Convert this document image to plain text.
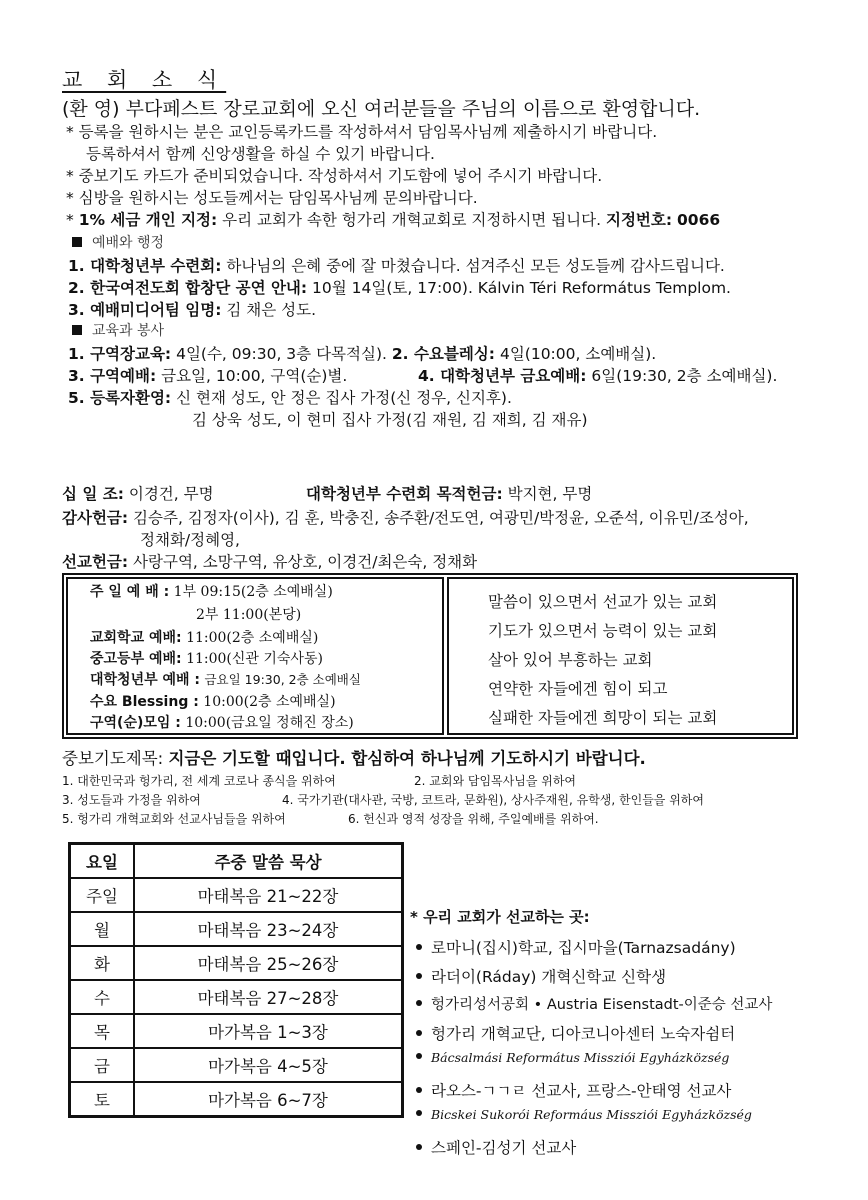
교 회 소 식
(환 영) 부다페스트 장로교회에 오신 여러분들을 주님의 이름으로 환영합니다.
* 등록을 원하시는 분은 교인등록카드를 작성하셔서 담임목사님께 제출하시기 바랍니다.
등록하셔서 함께 신앙생활을 하실 수 있기 바랍니다.
* 중보기도 카드가 준비되었습니다. 작성하셔서 기도함에 넣어 주시기 바랍니다.
* 심방을 원하시는 성도들께서는 담임목사님께 문의바랍니다.
* 1% 세금 개인 지정: 우리 교회가 속한 헝가리 개혁교회로 지정하시면 됩니다. 지정번호: 0066
예배와 행정
1. 대학청년부 수련회: 하나님의 은혜 중에 잘 마쳤습니다. 섬겨주신 모든 성도들께 감사드립니다.
2. 한국여전도회 합창단 공연 안내: 10월 14일(토, 17:00). Kálvin Téri Református Templom.
3. 예배미디어팀 임명: 김 채은 성도.
교육과 봉사
1. 구역장교육: 4일(수, 09:30, 3층 다목적실). 2. 수요블레싱: 4일(10:00, 소예배실).
3. 구역예배: 금요일, 10:00, 구역(순)별.	4. 대학청년부 금요예배: 6일(19:30, 2층 소예배실).
5. 등록자환영: 신 현재 성도, 안 정은 집사 가정(신 정우, 신지후).
김 상욱 성도, 이 현미 집사 가정(김 재원, 김 재희, 김 재유)
십 일 조: 이경건, 무명	대학청년부 수련회 목적헌금: 박지현, 무명
감사헌금: 김승주, 김정자(이사), 김 훈, 박충진, 송주환/전도연, 여광민/박정윤, 오준석, 이유민/조성아,
정채화/정혜영,
선교헌금: 사랑구역, 소망구역, 유상호, 이경건/최은숙, 정채화
주 일 예 배 : 1부 09:15(2층 소예배실)
2부 11:00(본당)
교회학교 예배: 11:00(2층 소예배실)
중고등부 예배: 11:00(신관 기숙사동)
대학청년부 예배 : 금요일 19:30, 2층 소예배실
수요 Blessing : 10:00(2층 소예배실)
구역(순)모임 : 10:00(금요일 정해진 장소)
말씀이 있으면서 선교가 있는 교회
기도가 있으면서 능력이 있는 교회
살아 있어 부흥하는 교회
연약한 자들에겐 힘이 되고
실패한 자들에겐 희망이 되는 교회
중보기도제목: 지금은 기도할 때입니다. 합심하여 하나님께 기도하시기 바랍니다.
1. 대한민국과 헝가리, 전 세계 코로나 종식을 위하여	2. 교회와 담임목사님을 위하여
3. 성도들과 가정을 위하여	4. 국가기관(대사관, 국방, 코트라, 문화원), 상사주재원, 유학생, 한인들을 위하여
5. 헝가리 개혁교회와 선교사님들을 위하여	6. 헌신과 영적 성장을 위해, 주일예배를 위하여.
요일	주중 말씀 묵상
주일	마태복음 21~22장
월	마태복음 23~24장
화	마태복음 25~26장
수	마태복음 27~28장
목	마가복음 1~3장
금	마가복음 4~5장
토	마가복음 6~7장
* 우리 교회가 선교하는 곳:
로마니(집시)학교, 집시마을(Tarnazsadány)
라더이(Ráday) 개혁신학교 신학생
헝가리성서공회 • Austria Eisenstadt-이준승 선교사
헝가리 개혁교단, 디아코니아센터 노숙자쉼터
Bácsalmási Református Missziói Egyházközség
라오스-ㄱㄱㄹ 선교사, 프랑스-안태영 선교사
Bicskei Sukorói Reformáus Missziói Egyházközség
스페인-김성기 선교사
